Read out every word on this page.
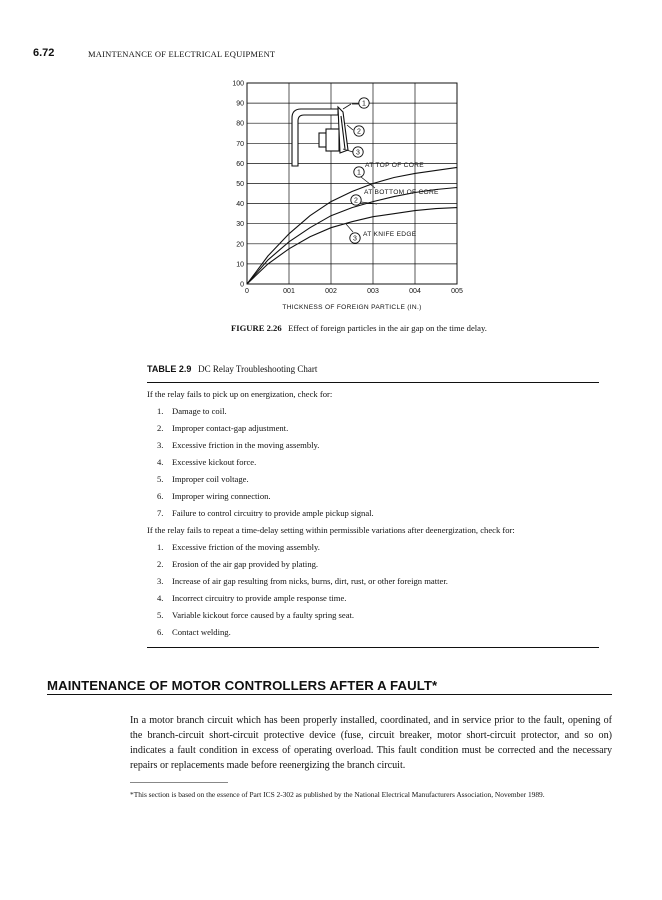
6.72	MAINTENANCE OF ELECTRICAL EQUIPMENT
0
10
20
30
40
50
60
70
80
90
100
0	001	002	003	004	005
1
2
3
1
AT TOP OF CORE
2
AT BOTTOM OF CORE
3
AT KNIFE EDGE
THICKNESS OF FOREIGN PARTICLE (IN.)
FIGURE 2.26 Effect of foreign particles in the air gap on the time delay.
TABLE 2.9 DC Relay Troubleshooting Chart
If the relay fails to pick up on energization, check for:
1. Damage to coil.
2. Improper contact-gap adjustment.
3. Excessive friction in the moving assembly.
4. Excessive kickout force.
5. Improper coil voltage.
6. Improper wiring connection.
7. Failure to control circuitry to provide ample pickup signal.
If the relay fails to repeat a time-delay setting within permissible variations after deenergization, check for:
1. Excessive friction of the moving assembly.
2. Erosion of the air gap provided by plating.
3. Increase of air gap resulting from nicks, burns, dirt, rust, or other foreign matter.
4. Incorrect circuitry to provide ample response time.
5. Variable kickout force caused by a faulty spring seat.
6. Contact welding.
MAINTENANCE OF MOTOR CONTROLLERS AFTER A FAULT*
In a motor branch circuit which has been properly installed, coordinated, and in service prior to the fault, opening of the branch-circuit short-circuit protective device (fuse, circuit breaker, motor short-circuit protector, and so on) indicates a fault condition in excess of operating overload. This fault condition must be corrected and the necessary repairs or replacements made before reenergizing the branch circuit.
*This section is based on the essence of Part ICS 2-302 as published by the National Electrical Manufacturers Association, November 1989.
